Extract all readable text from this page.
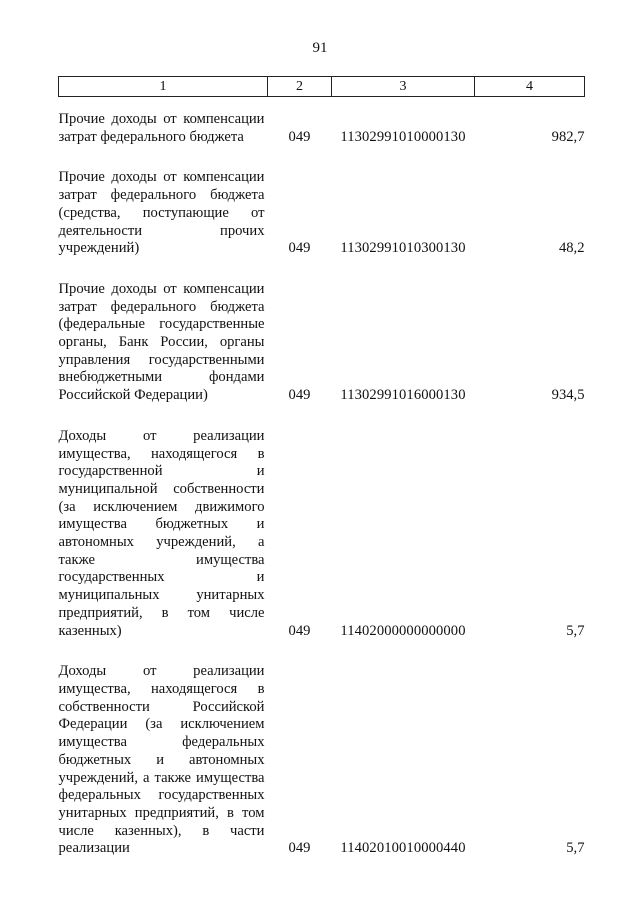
91
1	2	3	4

Прочие доходы от компенсации затрат федерального бюджета	049	11302991010000130	982,7

Прочие доходы от компенсации затрат федерального бюджета (средства, поступающие от деятельности прочих учреждений)	049	11302991010300130	48,2

Прочие доходы от компенсации затрат федерального бюджета (федеральные государственные органы, Банк России, органы управления государственными внебюджетными фондами Российской Федерации)	049	11302991016000130	934,5

Доходы от реализации имущества, находящегося в государственной и муниципальной собственности (за исключением движимого имущества бюджетных и автономных учреждений, а также имущества государственных и муниципальных унитарных предприятий, в том числе казенных)	049	11402000000000000	5,7

Доходы от реализации имущества, находящегося в собственности Российской Федерации (за исключением имущества федеральных бюджетных и автономных учреждений, а также имущества федеральных государственных унитарных предприятий, в том числе казенных), в части реализации	049	11402010010000440	5,7
